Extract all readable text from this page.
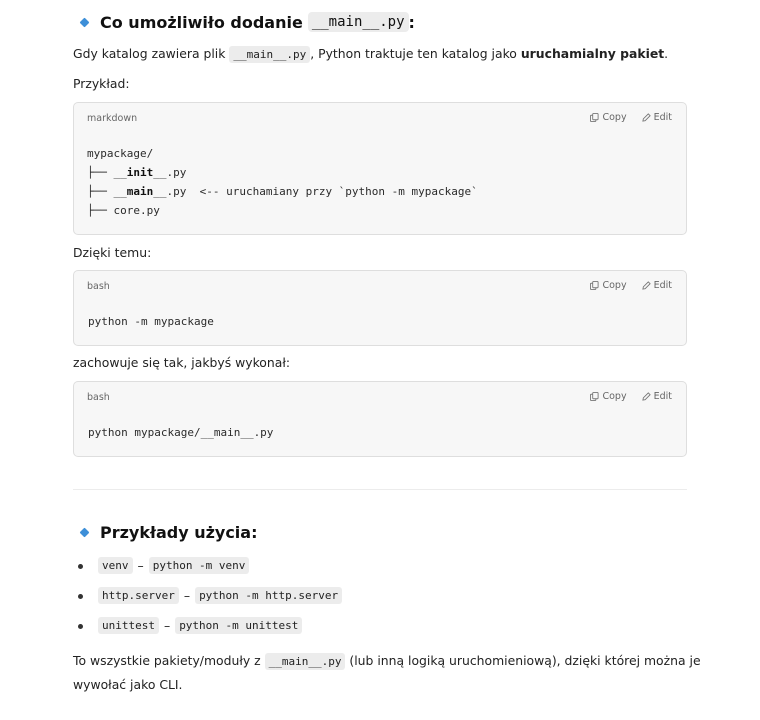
Co umożliwiło dodanie __main__.py :
Gdy katalog zawiera plik __main__.py , Python traktuje ten katalog jako uruchamialny pakiet.
Przykład:
markdown	Copy	Edit
mypackage/
├── __init__.py
├── __main__.py  <-- uruchamiany przy `python -m mypackage`
├── core.py
Dzięki temu:
bash	Copy	Edit
python -m mypackage
zachowuje się tak, jakbyś wykonał:
bash	Copy	Edit
python mypackage/__main__.py
Przykłady użycia:
venv – python -m venv
http.server – python -m http.server
unittest – python -m unittest
To wszystkie pakiety/moduły z __main__.py (lub inną logiką uruchomieniową), dzięki której można je
wywołać jako CLI.
